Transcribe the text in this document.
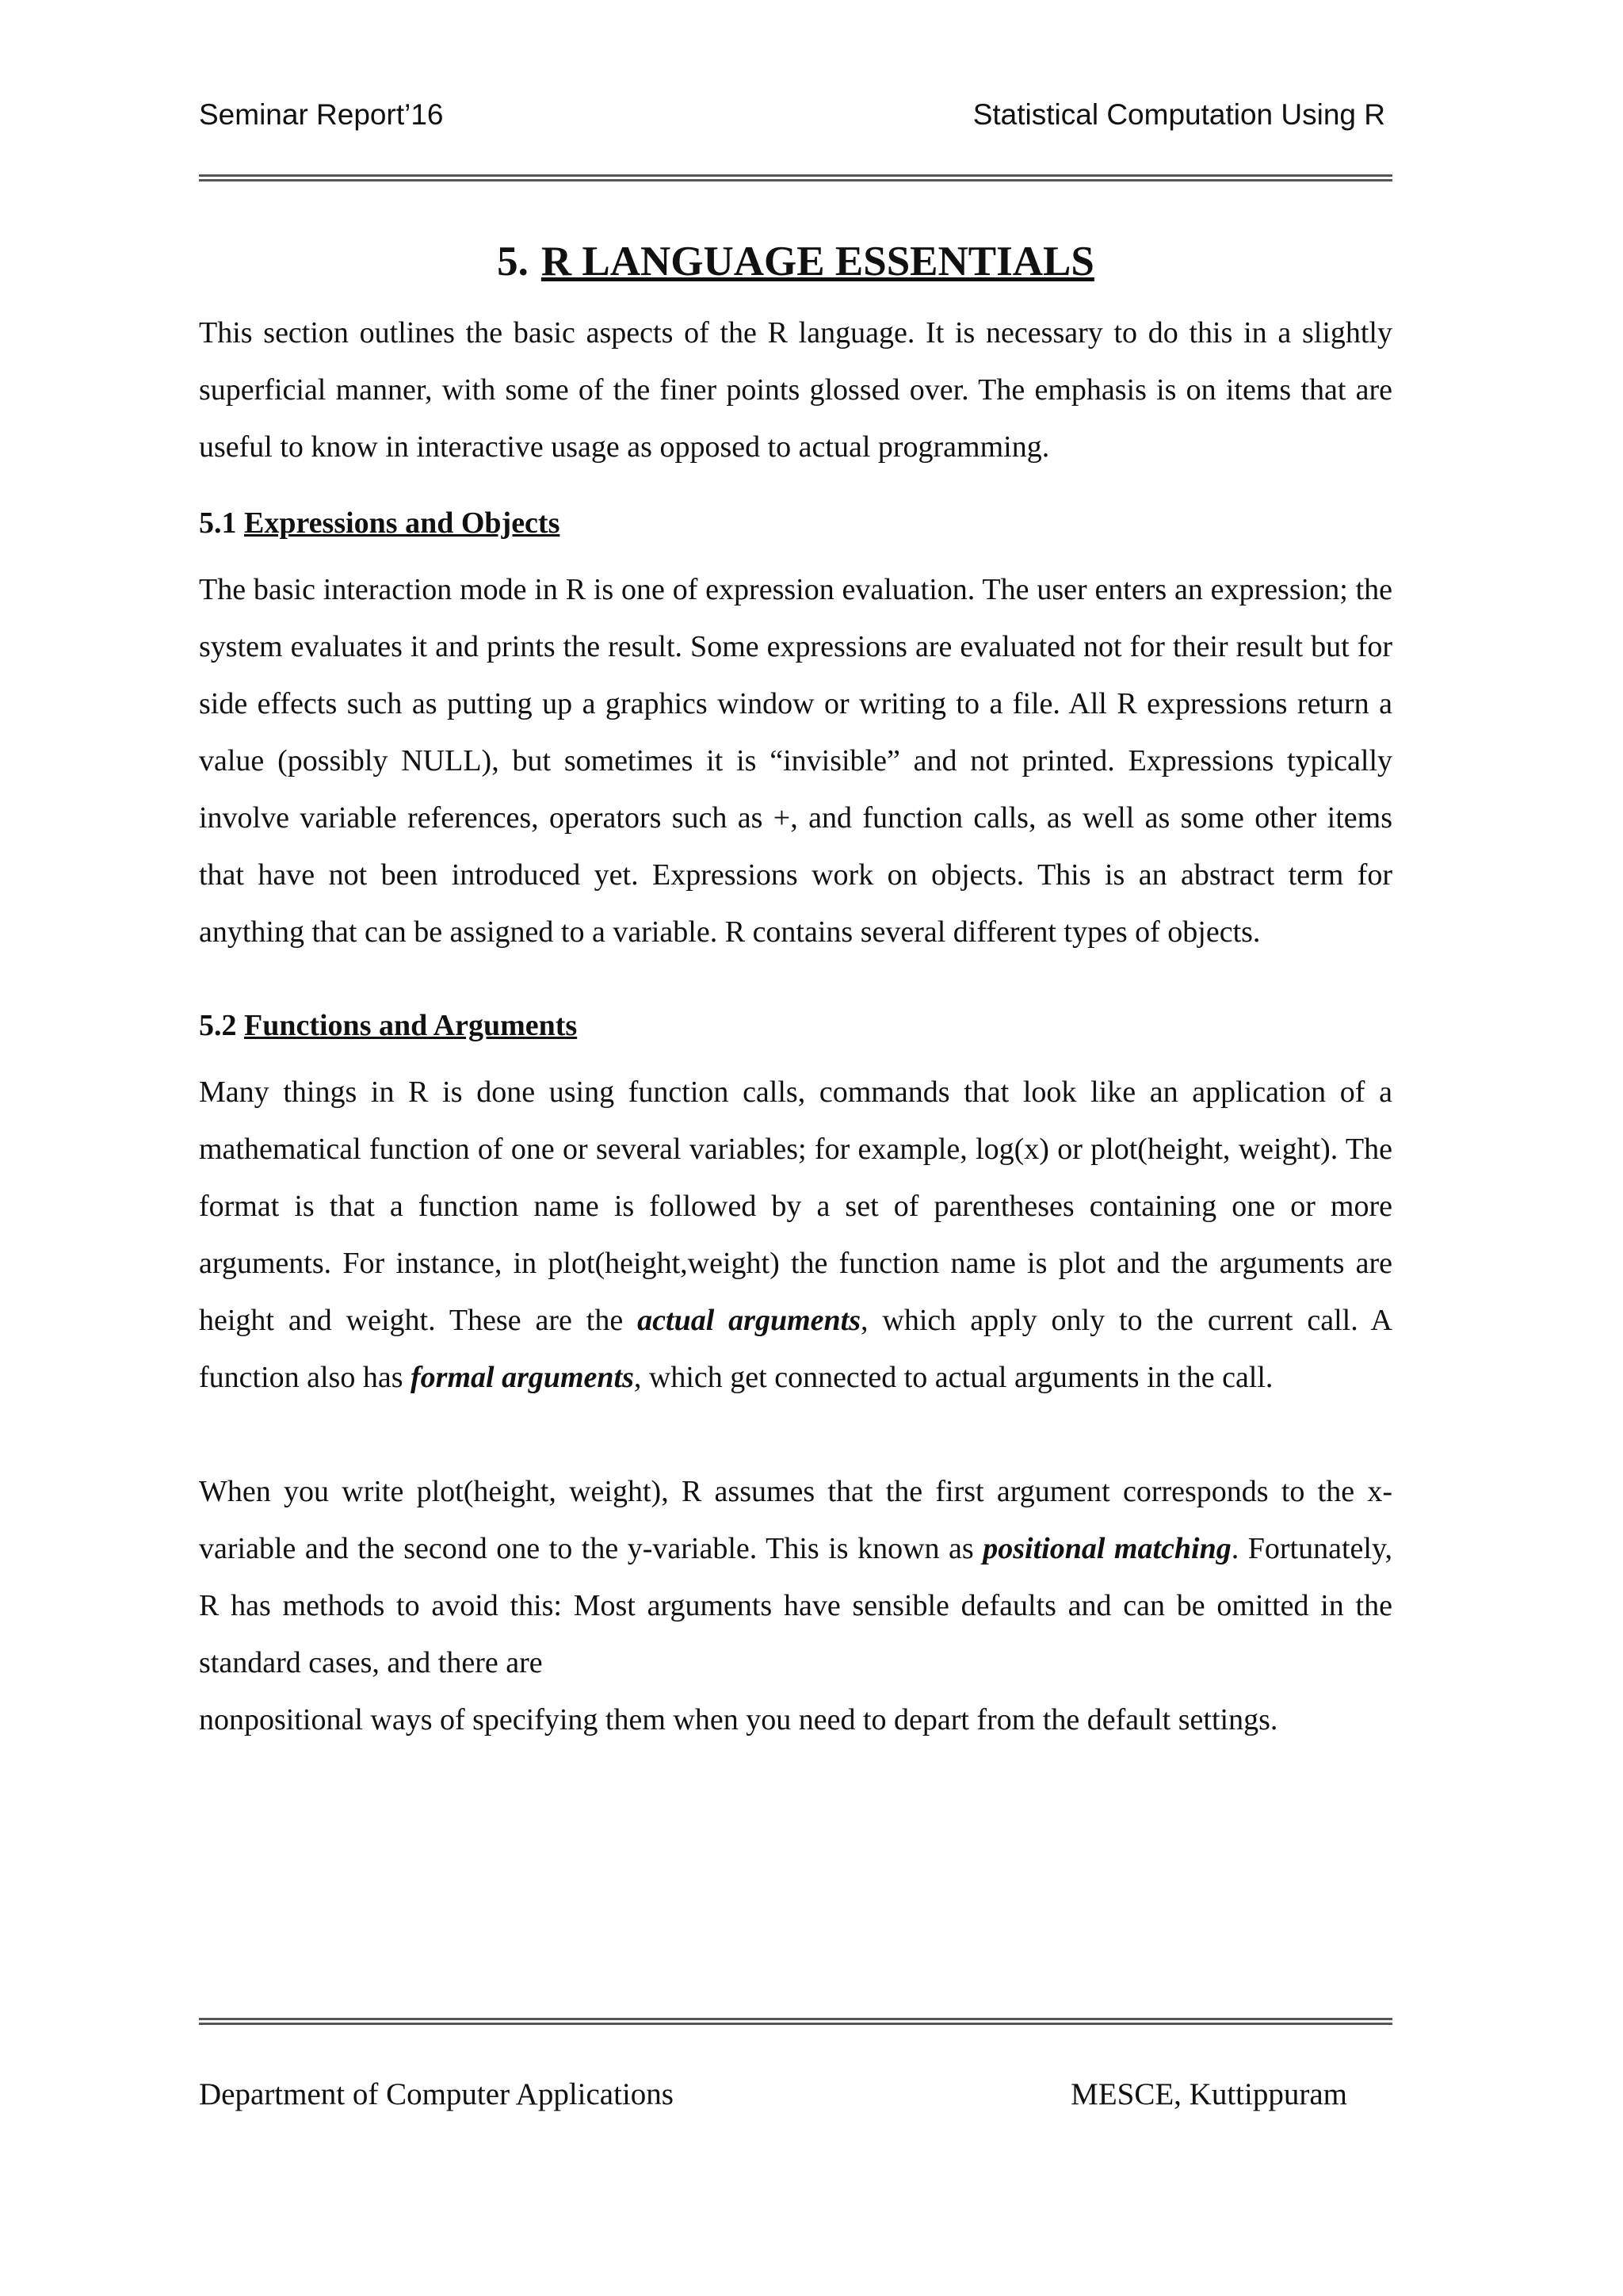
Seminar Report’16	Statistical Computation Using R
5. R LANGUAGE ESSENTIALS

This section outlines the basic aspects of the R language. It is necessary to do this in a slightly superficial manner, with some of the finer points glossed over. The emphasis is on items that are useful to know in interactive usage as opposed to actual programming.

5.1 Expressions and Objects

The basic interaction mode in R is one of expression evaluation. The user enters an expression; the system evaluates it and prints the result. Some expressions are evaluated not for their result but for side effects such as putting up a graphics window or writing to a file. All R expressions return a value (possibly NULL), but sometimes it is “invisible” and not printed. Expressions typically involve variable references, operators such as +, and function calls, as well as some other items that have not been introduced yet. Expressions work on objects. This is an abstract term for anything that can be assigned to a variable. R contains several different types of objects.

5.2 Functions and Arguments

Many things in R is done using function calls, commands that look like an application of a mathematical function of one or several variables; for example, log(x) or plot(height, weight). The format is that a function name is followed by a set of parentheses containing one or more arguments. For instance, in plot(height,weight) the function name is plot and the arguments are height and weight. These are the actual arguments, which apply only to the current call. A function also has formal arguments, which get connected to actual arguments in the call.

When you write plot(height, weight), R assumes that the first argument corresponds to the x-variable and the second one to the y-variable. This is known as positional matching. Fortunately, R has methods to avoid this: Most arguments have sensible defaults and can be omitted in the standard cases, and there are

nonpositional ways of specifying them when you need to depart from the default settings.

Department of Computer Applications	MESCE, Kuttippuram
